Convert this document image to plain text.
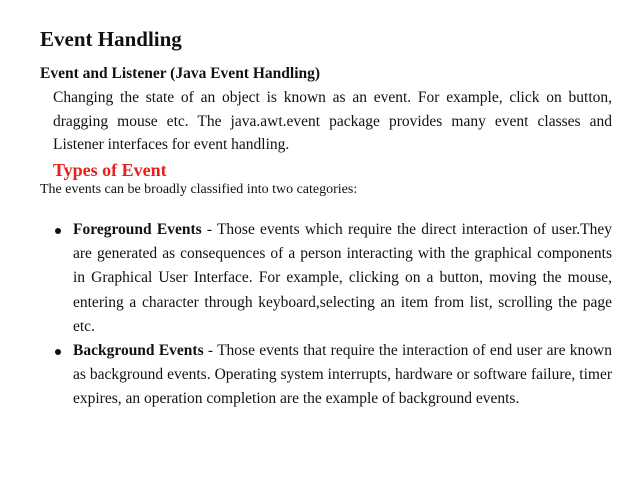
Event Handling
Event and Listener (Java Event Handling)

Changing the state of an object is known as an event. For example, click on button, dragging mouse etc. The java.awt.event package provides many event classes and Listener interfaces for event handling.

Types of Event

The events can be broadly classified into two categories:

Foreground Events - Those events which require the direct interaction of user.They are generated as consequences of a person interacting with the graphical components in Graphical User Interface. For example, clicking on a button, moving the mouse, entering a character through keyboard,selecting an item from list, scrolling the page etc.
Background Events - Those events that require the interaction of end user are known as background events. Operating system interrupts, hardware or software failure, timer expires, an operation completion are the example of background events.
